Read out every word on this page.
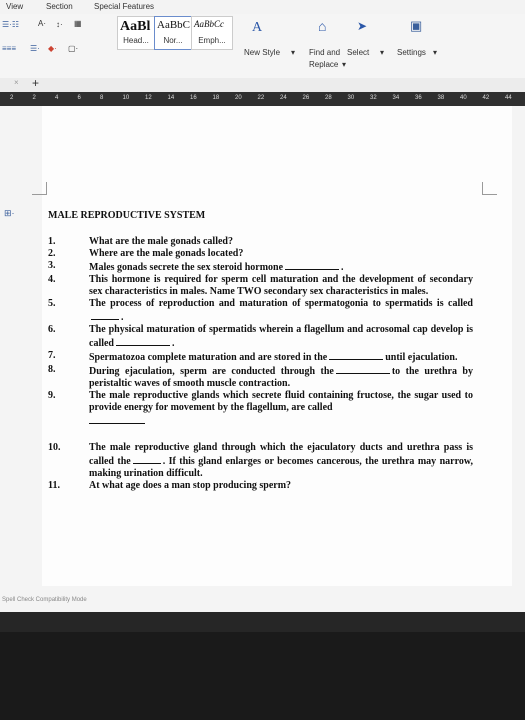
View	Section	Special Features
☰·☷ A· ↕· ▦
≡≡≡ ☰· ◆· ▢·
AaBl
Head...
AaBbC
Nor...
AaBbCc
Emph...
A
New Style ▾
⌂
Find and
Replace ▾
➤
Select ▾
▣
Settings ▾
× +
2	2	4	6	8	10	12	14	16	18	20	22	24	26	28	30	32	34	36	38	40	42	44
⊞·	MALE REPRODUCTIVE SYSTEM
1.	What are the male gonads called?
2.	Where are the male gonads located?
3.	Males gonads secrete the sex steroid hormone	.
4.	This hormone is required for sperm cell maturation and the development of secondary sex characteristics in males. Name TWO secondary sex characteristics in males.
5.	The process of reproduction and maturation of spermatogonia to spermatids is called.
6.	The physical maturation of spermatids wherein a flagellum and acrosomal cap develop is called	.
7.	Spermatozoa complete maturation and are stored in the	until ejaculation.
8.	During ejaculation, sperm are conducted through the	to the urethra by peristaltic waves of smooth muscle contraction.
9.	The male reproductive glands which secrete fluid containing fructose, the sugar used to provide energy for movement by the flagellum, are called
10.	The male reproductive gland through which the ejaculatory ducts and urethra pass is called the	. If this gland enlarges or becomes cancerous, the urethra may narrow, making urination difficult.
11.	At what age does a man stop producing sperm?
Spell Check Compatibility Mode
